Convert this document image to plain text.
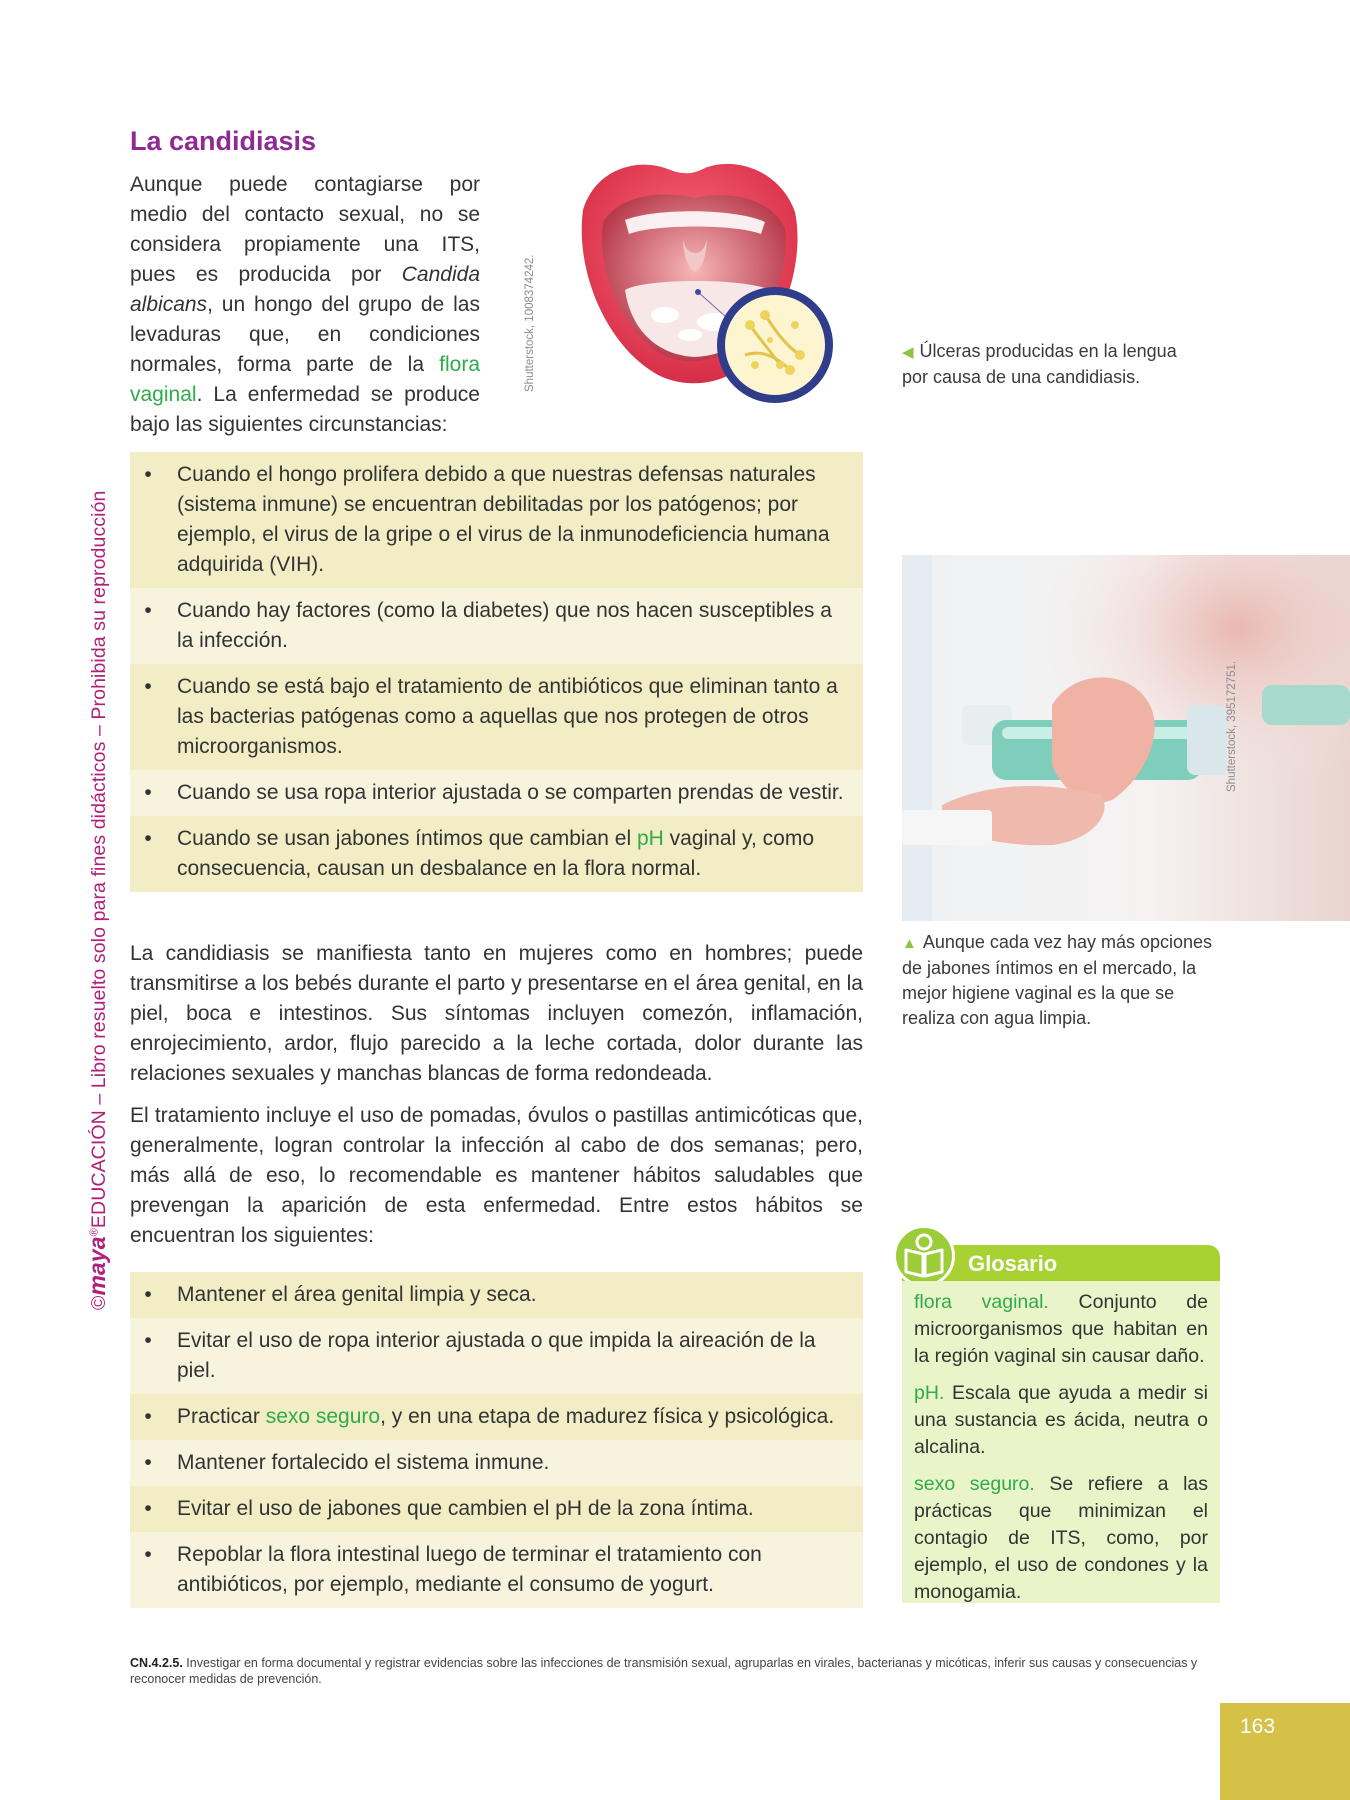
©maya®EDUCACIÓN – Libro resuelto solo para fines didácticos – Prohibida su reproducción
La candidiasis

Aunque puede contagiarse por medio del contacto sexual, no se considera propiamente una ITS, pues es producida por Candida albicans, un hongo del grupo de las levaduras que, en condiciones normales, forma parte de la flora vaginal. La enfermedad se produce bajo las siguientes circunstancias:

Shutterstock, 1008374242.	◀ Úlceras producidas en la lengua por causa de una candidiasis.
Shutterstock, 395172751.
▲ Aunque cada vez hay más opciones de jabones íntimos en el mercado, la mejor higiene vaginal es la que se realiza con agua limpia.
•	Cuando el hongo prolifera debido a que nuestras defensas naturales (sistema inmune) se encuentran debilitadas por los patógenos; por ejemplo, el virus de la gripe o el virus de la inmunodeficiencia humana adquirida (VIH).
•	Cuando hay factores (como la diabetes) que nos hacen susceptibles a la infección.
•	Cuando se está bajo el tratamiento de antibióticos que eliminan tanto a las bacterias patógenas como a aquellas que nos protegen de otros microorganismos.
•	Cuando se usa ropa interior ajustada o se comparten prendas de vestir.
•	Cuando se usan jabones íntimos que cambian el pH vaginal y, como consecuencia, causan un desbalance en la flora normal.

La candidiasis se manifiesta tanto en mujeres como en hombres; puede transmitirse a los bebés durante el parto y presentarse en el área genital, en la piel, boca e intestinos. Sus síntomas incluyen comezón, inflamación, enrojecimiento, ardor, flujo parecido a la leche cortada, dolor durante las relaciones sexuales y manchas blancas de forma redondeada.

El tratamiento incluye el uso de pomadas, óvulos o pastillas antimicóticas que, generalmente, logran controlar la infección al cabo de dos semanas; pero, más allá de eso, lo recomendable es mantener hábitos saludables que prevengan la aparición de esta enfermedad. Entre estos hábitos se encuentran los siguientes:

•	Mantener el área genital limpia y seca.
•	Evitar el uso de ropa interior ajustada o que impida la aireación de la piel.
•	Practicar sexo seguro, y en una etapa de madurez física y psicológica.
•	Mantener fortalecido el sistema inmune.
•	Evitar el uso de jabones que cambien el pH de la zona íntima.
•	Repoblar la flora intestinal luego de terminar el tratamiento con antibióticos, por ejemplo, mediante el consumo de yogurt.
Glosario

flora vaginal. Conjunto de microorganismos que habitan en la región vaginal sin causar daño.

pH. Escala que ayuda a medir si una sustancia es ácida, neutra o alcalina.

sexo seguro. Se refiere a las prácticas que minimizan el contagio de ITS, como, por ejemplo, el uso de condones y la monogamia.

CN.4.2.5. Investigar en forma documental y registrar evidencias sobre las infecciones de transmisión sexual, agruparlas en virales, bacterianas y micóticas, inferir sus causas y consecuencias y reconocer medidas de prevención.

163
